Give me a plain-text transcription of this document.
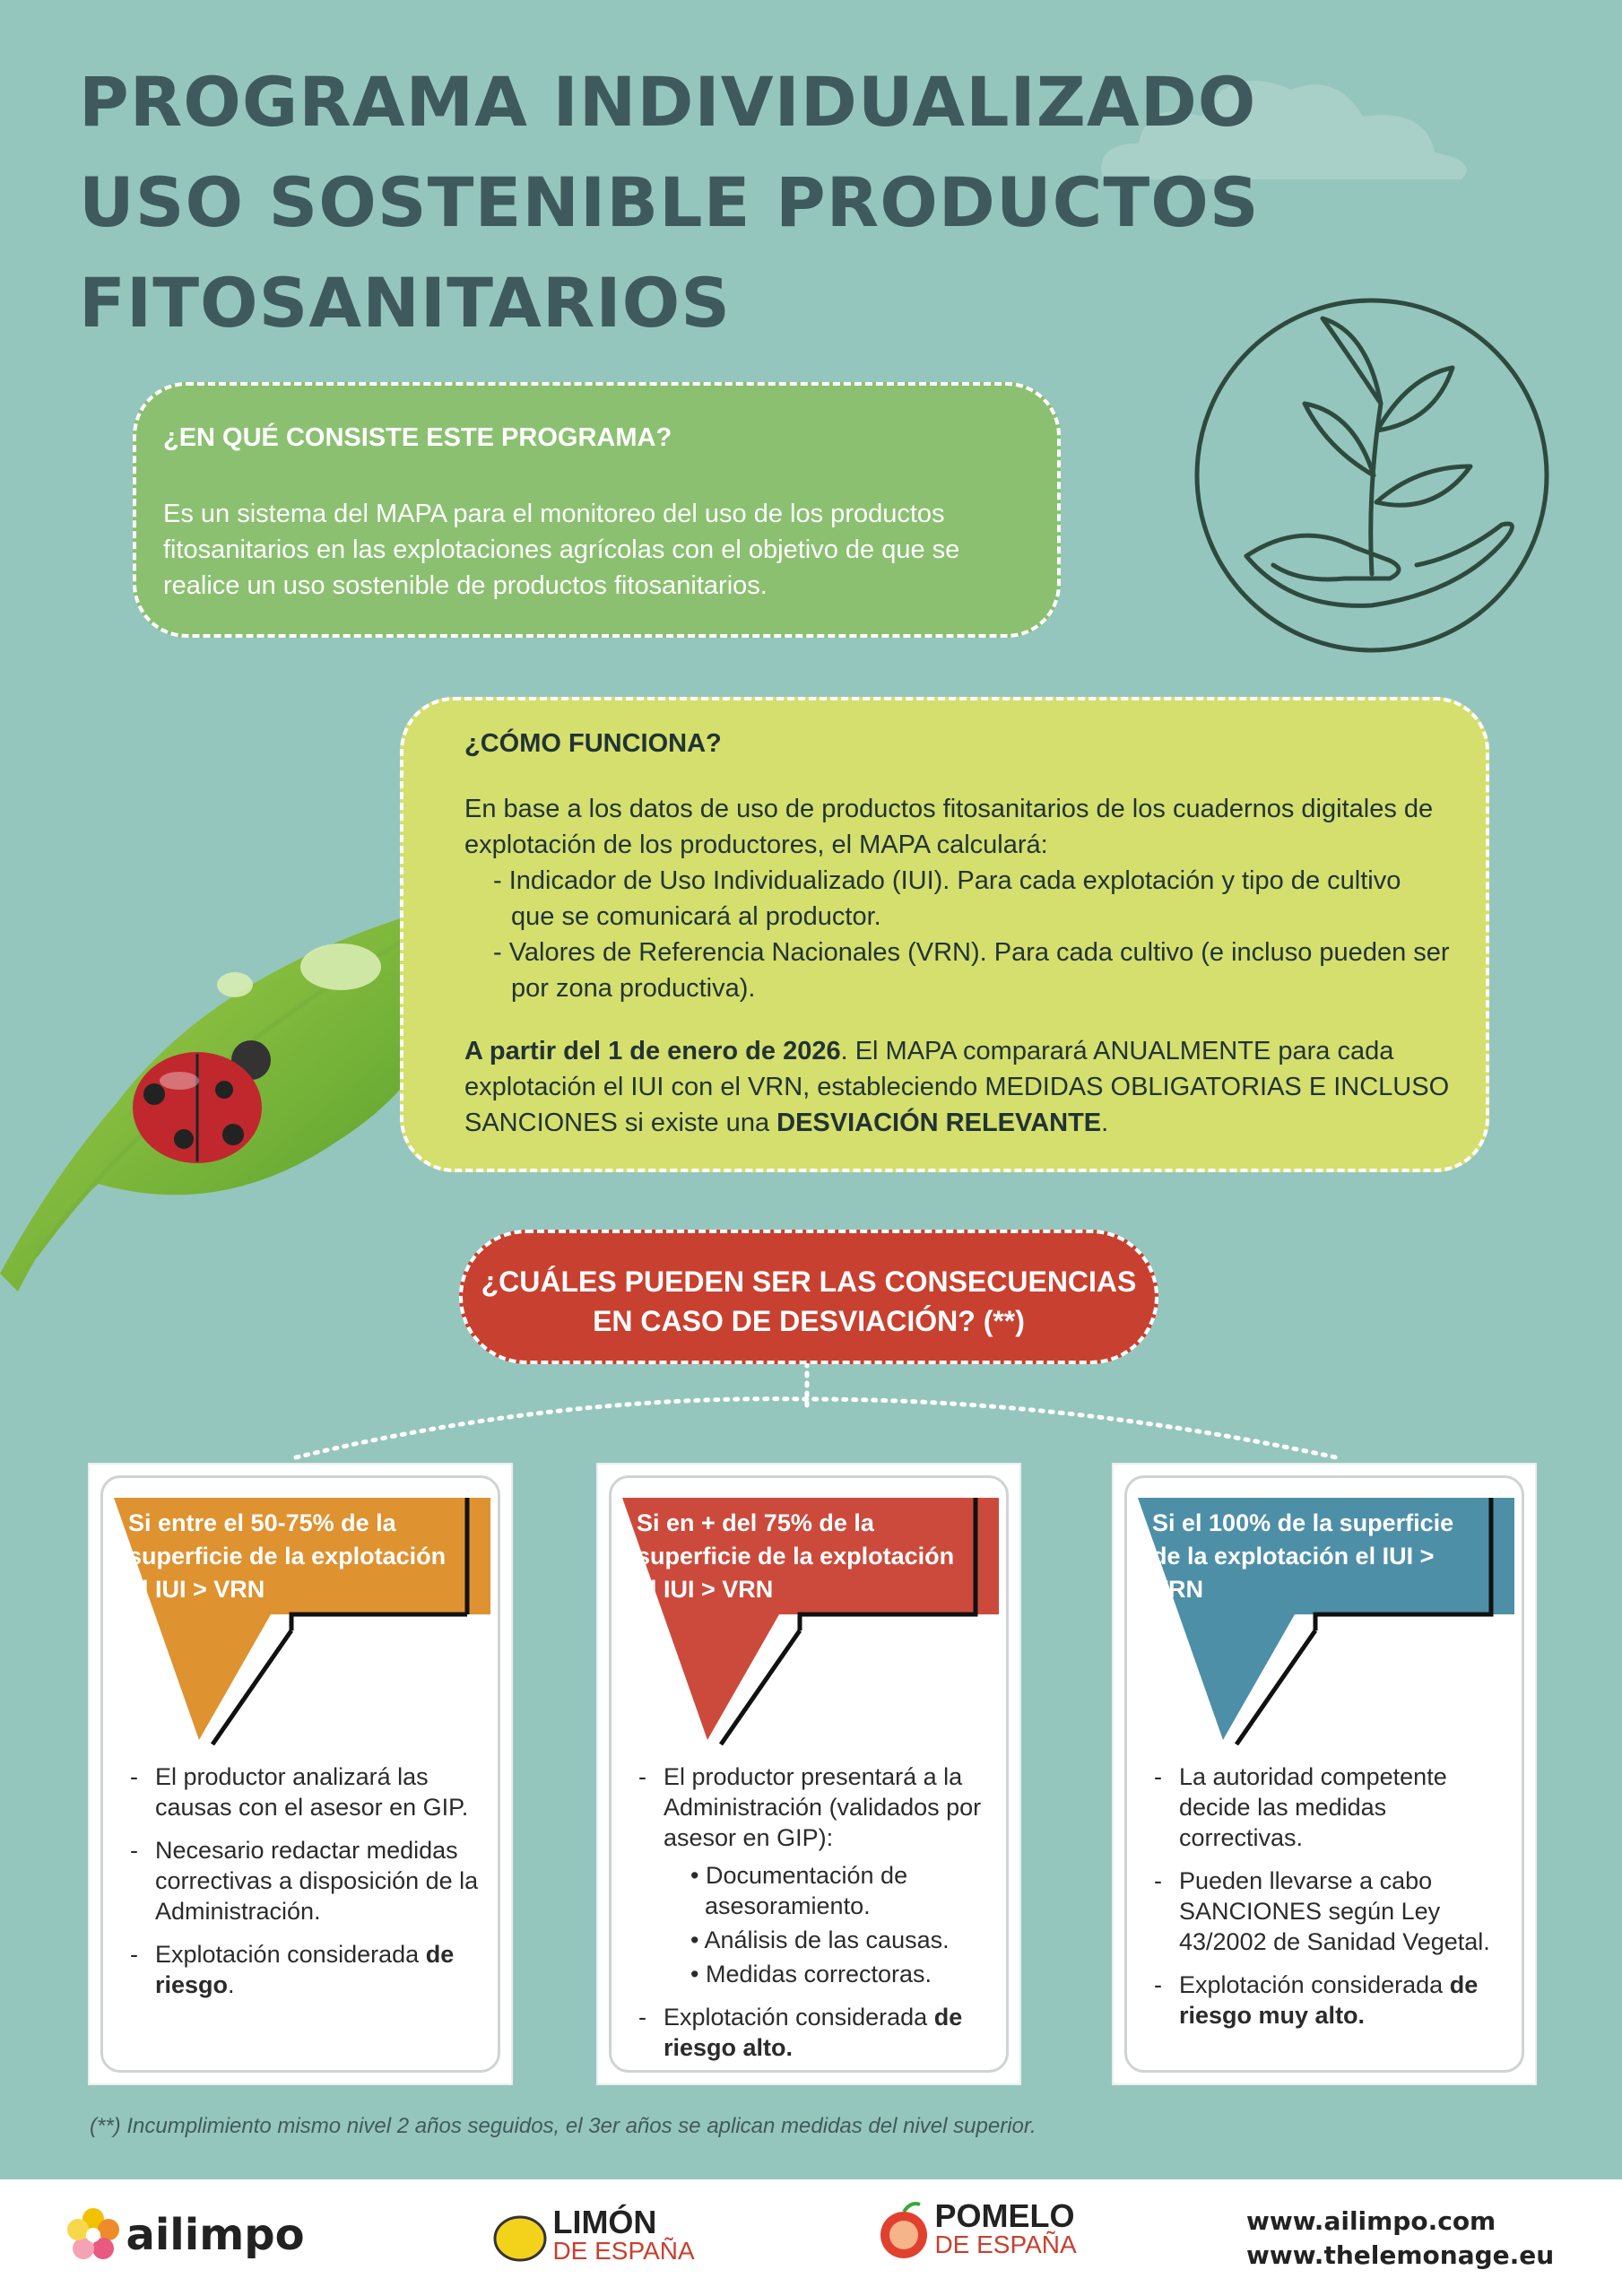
PROGRAMA INDIVIDUALIZADO
USO SOSTENIBLE PRODUCTOS
FITOSANITARIOS
¿EN QUÉ CONSISTE ESTE PROGRAMA?

Es un sistema del MAPA para el monitoreo del uso de los productos fitosanitarios en las explotaciones agrícolas con el objetivo de que se realice un uso sostenible de productos fitosanitarios.

¿CÓMO FUNCIONA?

En base a los datos de uso de productos fitosanitarios de los cuadernos digitales de explotación de los productores, el MAPA calculará:

- Indicador de Uso Individualizado (IUI). Para cada explotación y tipo de cultivo que se comunicará al productor.
- Valores de Referencia Nacionales (VRN). Para cada cultivo (e incluso pueden ser por zona productiva).

A partir del 1 de enero de 2026. El MAPA comparará ANUALMENTE para cada explotación el IUI con el VRN, estableciendo MEDIDAS OBLIGATORIAS E INCLUSO SANCIONES si existe una DESVIACIÓN RELEVANTE.

¿CUÁLES PUEDEN SER LAS CONSECUENCIAS
EN CASO DE DESVIACIÓN? (**)
Si entre el 50-75% de la
superficie de la explotación
el IUI > VRN
- El productor analizará las causas con el asesor en GIP.
- Necesario redactar medidas correctivas a disposición de la Administración.
- Explotación considerada de riesgo.
Si en + del 75% de la
superficie de la explotación
el IUI > VRN
- El productor presentará a la Administración (validados por asesor en GIP):
• Documentación de asesoramiento.
• Análisis de las causas.
• Medidas correctoras.
- Explotación considerada de riesgo alto.
Si el 100% de la superficie
de la explotación el IUI >
VRN
- La autoridad competente decide las medidas correctivas.
- Pueden llevarse a cabo SANCIONES según Ley 43/2002 de Sanidad Vegetal.
- Explotación considerada de riesgo muy alto.
(**) Incumplimiento mismo nivel 2 años seguidos, el 3er años se aplican medidas del nivel superior.
ailimpo
	LIMÓN
DE ESPAÑA

POMELO
DE ESPAÑA
www.ailimpo.com
www.thelemonage.eu
